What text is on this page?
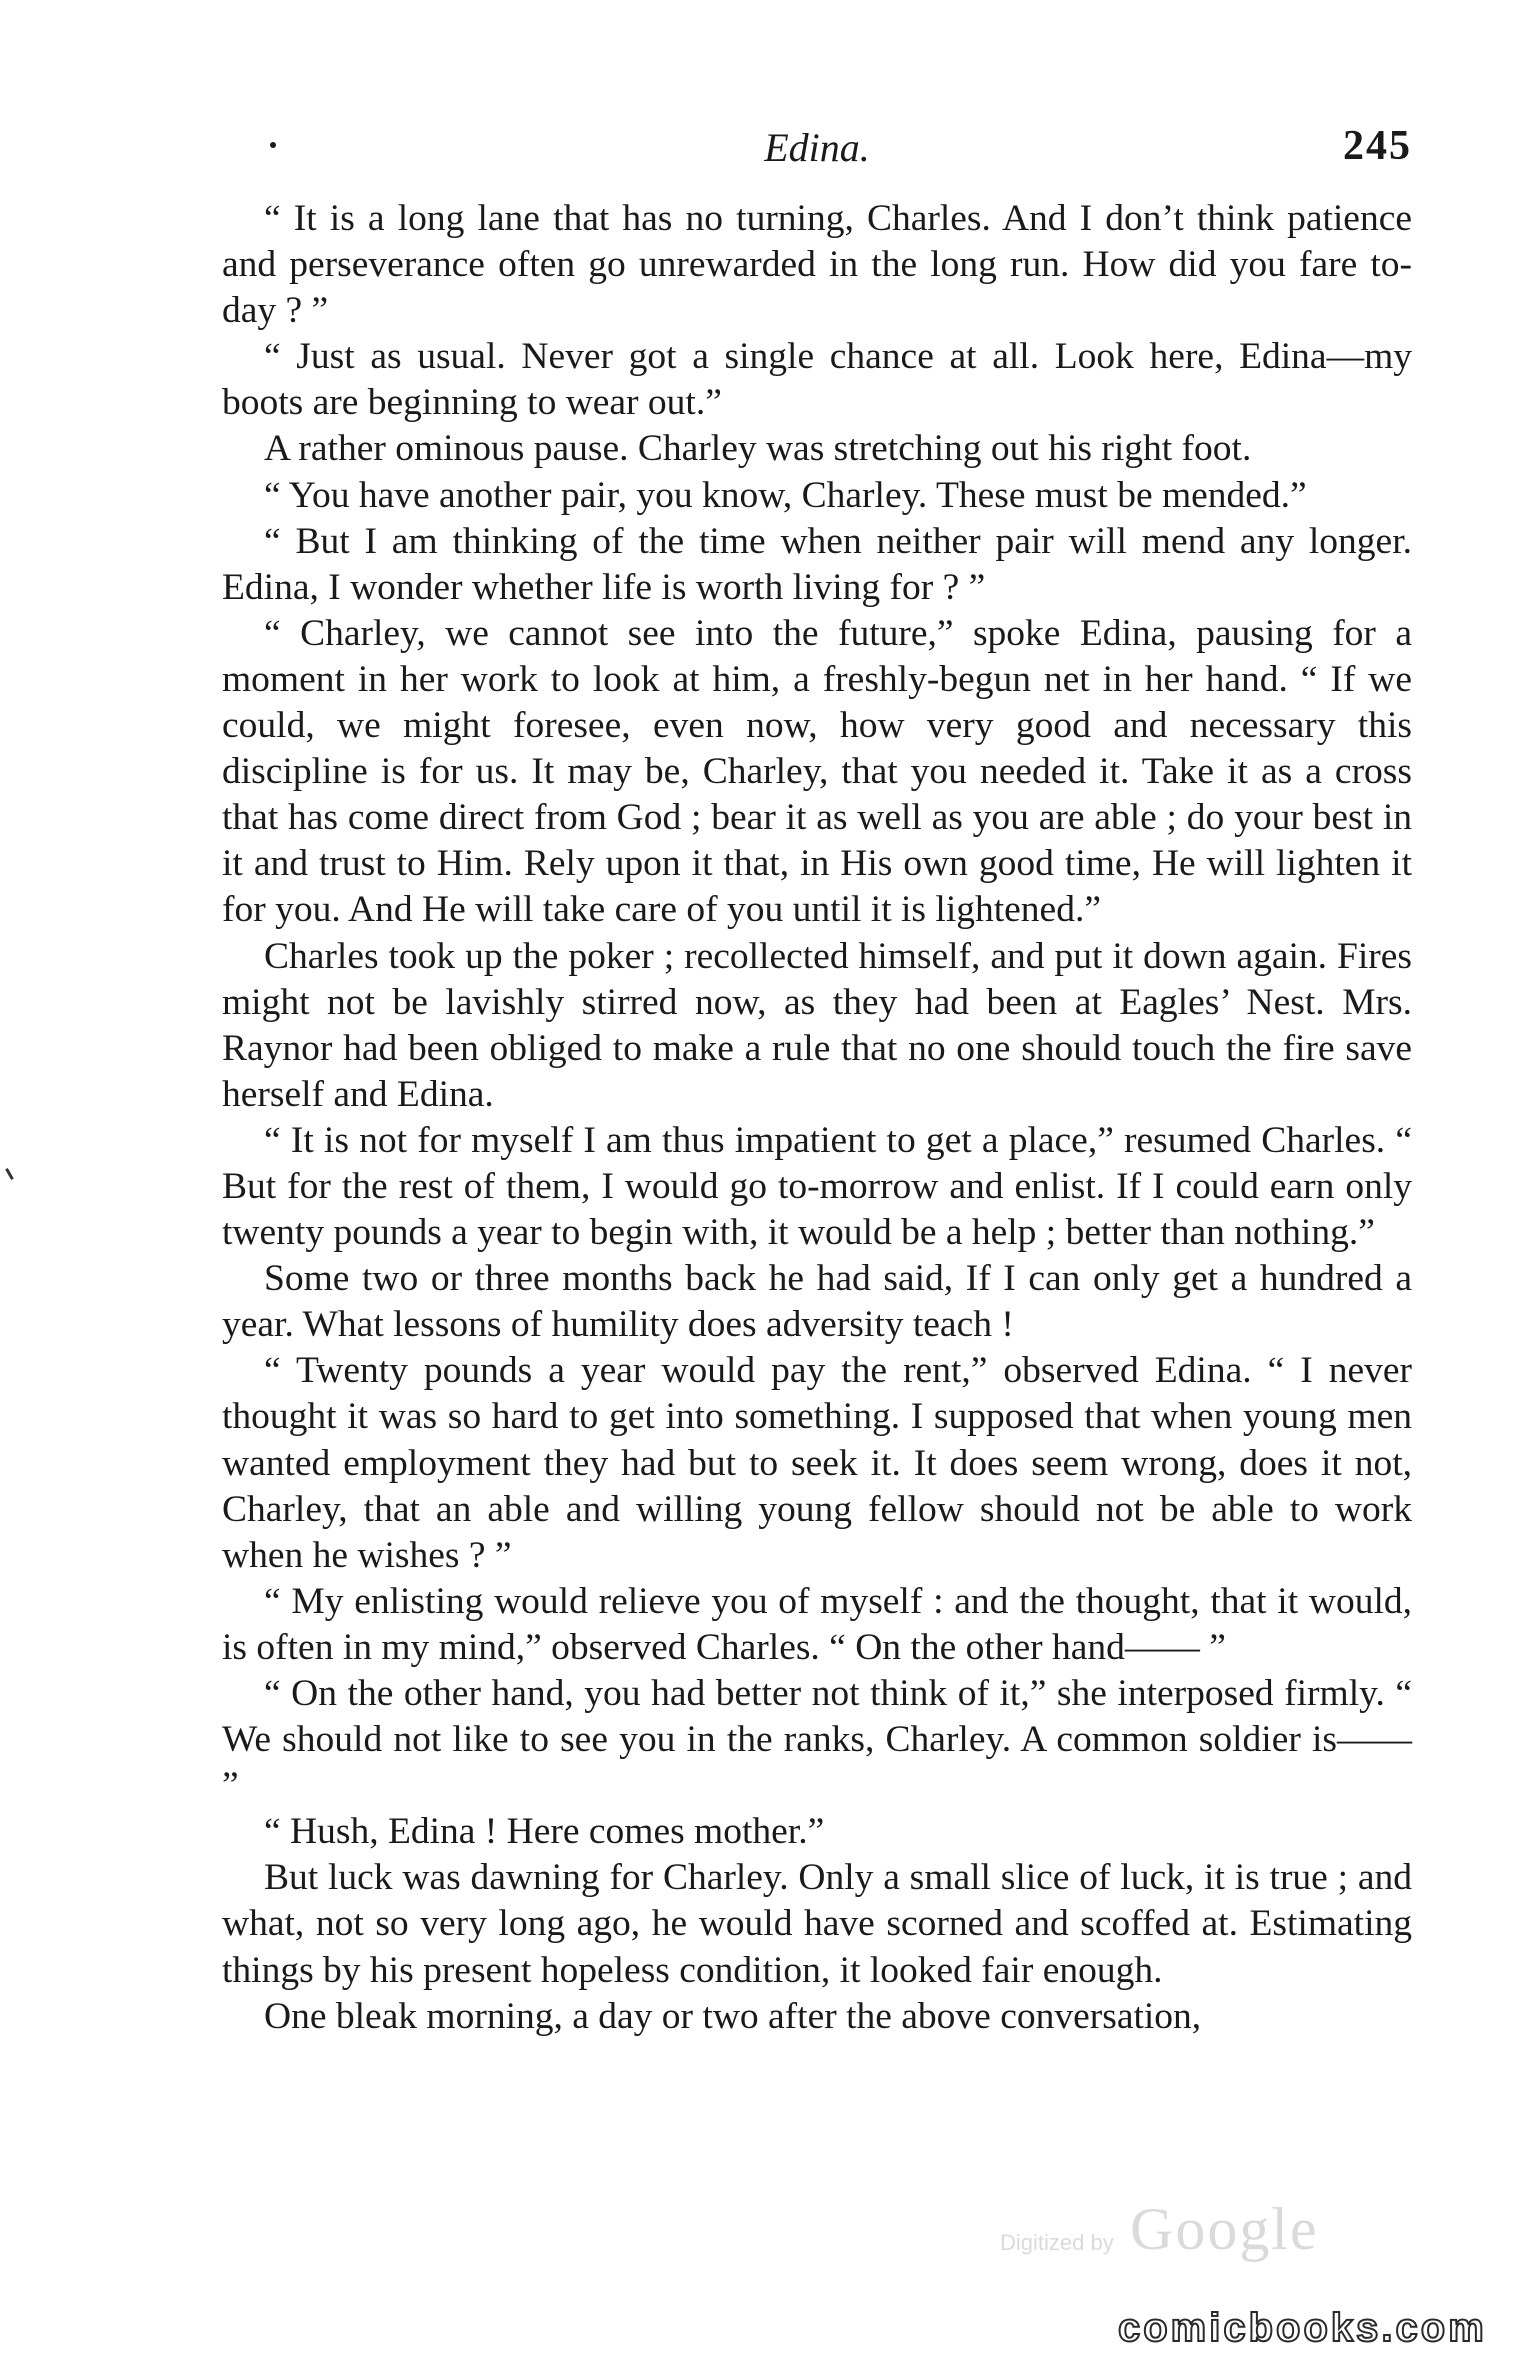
Edina.	245

“ It is a long lane that has no turning, Charles. And I don’t think patience and perseverance often go unrewarded in the long run. How did you fare to-day ? ”

“ Just as usual. Never got a single chance at all. Look here, Edina—my boots are beginning to wear out.”

A rather ominous pause. Charley was stretching out his right foot.

“ You have another pair, you know, Charley. These must be mended.”

“ But I am thinking of the time when neither pair will mend any longer. Edina, I wonder whether life is worth living for ? ”

“ Charley, we cannot see into the future,” spoke Edina, pausing for a moment in her work to look at him, a freshly-begun net in her hand. “ If we could, we might foresee, even now, how very good and necessary this discipline is for us. It may be, Charley, that you needed it. Take it as a cross that has come direct from God ; bear it as well as you are able ; do your best in it and trust to Him. Rely upon it that, in His own good time, He will lighten it for you. And He will take care of you until it is lightened.”

Charles took up the poker ; recollected himself, and put it down again. Fires might not be lavishly stirred now, as they had been at Eagles’ Nest. Mrs. Raynor had been obliged to make a rule that no one should touch the fire save herself and Edina.

“ It is not for myself I am thus impatient to get a place,” resumed Charles. “ But for the rest of them, I would go to-morrow and enlist. If I could earn only twenty pounds a year to begin with, it would be a help ; better than nothing.”

Some two or three months back he had said, If I can only get a hundred a year. What lessons of humility does adversity teach !

“ Twenty pounds a year would pay the rent,” observed Edina. “ I never thought it was so hard to get into something. I supposed that when young men wanted employment they had but to seek it. It does seem wrong, does it not, Charley, that an able and willing young fellow should not be able to work when he wishes ? ”

“ My enlisting would relieve you of myself : and the thought, that it would, is often in my mind,” observed Charles. “ On the other hand—— ”

“ On the other hand, you had better not think of it,” she interposed firmly. “ We should not like to see you in the ranks, Charley. A common soldier is—— ”

“ Hush, Edina ! Here comes mother.”

But luck was dawning for Charley. Only a small slice of luck, it is true ; and what, not so very long ago, he would have scorned and scoffed at. Estimating things by his present hopeless condition, it looked fair enough.

One bleak morning, a day or two after the above conversation,

Digitized by Google
comicbooks.com
